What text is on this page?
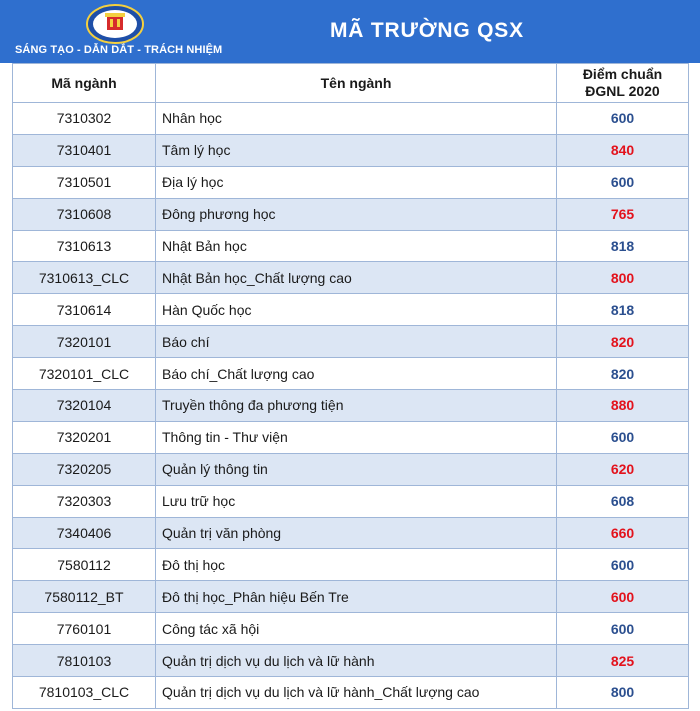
SÁNG TẠO - DẪN DẮT - TRÁCH NHIỆM
MÃ TRƯỜNG QSX
Mã ngành	Tên ngành	Điểm chuẩn
ĐGNL 2020
7310302	Nhân học	600
7310401	Tâm lý học	840
7310501	Địa lý học	600
7310608	Đông phương học	765
7310613	Nhật Bản học	818
7310613_CLC	Nhật Bản học_Chất lượng cao	800
7310614	Hàn Quốc học	818
7320101	Báo chí	820
7320101_CLC	Báo chí_Chất lượng cao	820
7320104	Truyền thông đa phương tiện	880
7320201	Thông tin - Thư viện	600
7320205	Quản lý thông tin	620
7320303	Lưu trữ học	608
7340406	Quản trị văn phòng	660
7580112	Đô thị học	600
7580112_BT	Đô thị học_Phân hiệu Bến Tre	600
7760101	Công tác xã hội	600
7810103	Quản trị dịch vụ du lịch và lữ hành	825
7810103_CLC	Quản trị dịch vụ du lịch và lữ hành_Chất lượng cao	800
